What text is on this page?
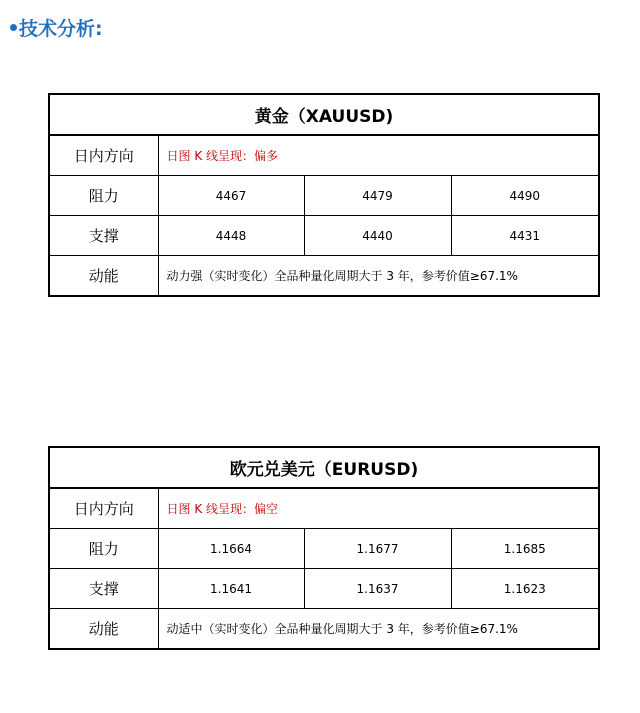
技术分析:
黄金（XAUUSD)			
日内方向	日图 K 线呈现：偏多		
阻力	4467	4479	4490
支撑	4448	4440	4431
动能	动力强（实时变化）全品种量化周期大于 3 年，参考价值≥67.1%		
欧元兑美元（EURUSD)			
日内方向	日图 K 线呈现：偏空		
阻力	1.1664	1.1677	1.1685
支撑	1.1641	1.1637	1.1623
动能	动适中（实时变化）全品种量化周期大于 3 年，参考价值≥67.1%		
